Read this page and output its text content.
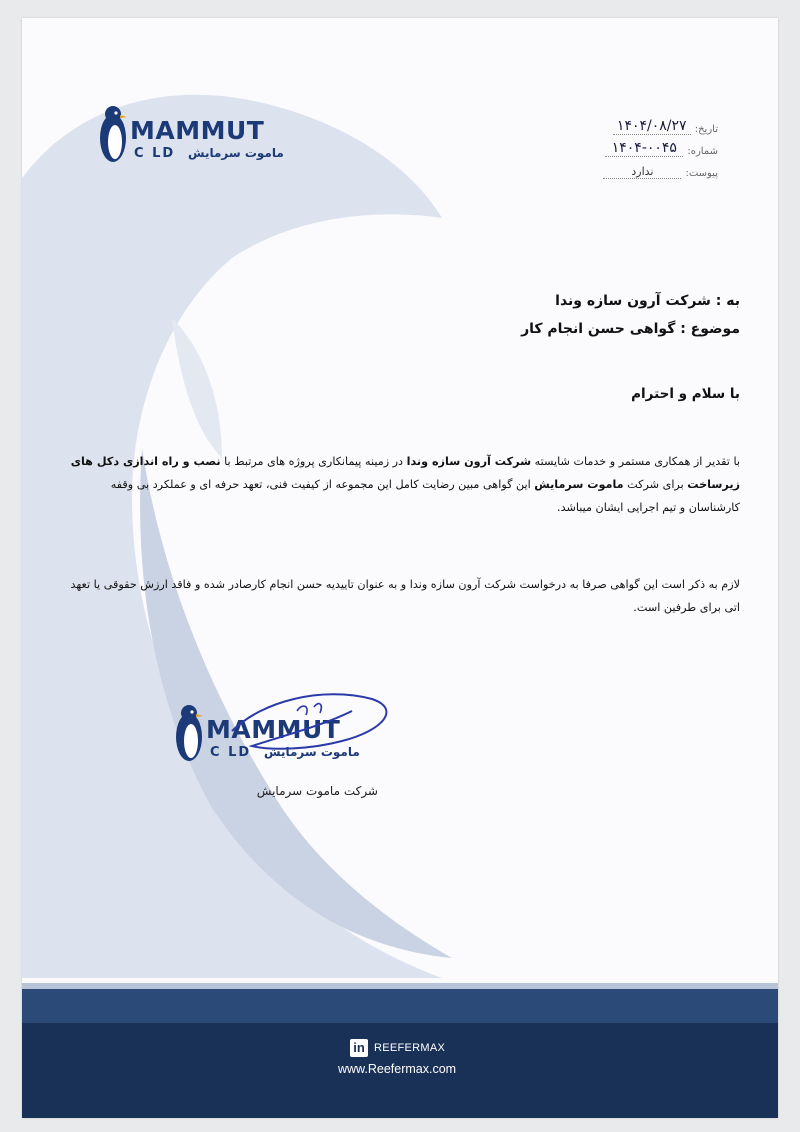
MAMMUT
C LD ماموت سرمایش
تاریخ:
۱۴۰۴/۰۸/۲۷
شماره:
۱۴۰۴-۰۰۴۵
پیوست:
ندارد
به : شرکت آرون سازه وندا
موضوع : گواهی حسن انجام کار
با سلام و احترام
با تقدیر از همکاری مستمر و خدمات شایسته شرکت آرون سازه وندا در زمینه پیمانکاری پروژه های مرتبط با نصب و راه اندازی دکل های زیرساخت برای شرکت ماموت سرمایش این گواهی مبین رضایت کامل این مجموعه از کیفیت فنی، تعهد حرفه ای و عملکرد بی وقفه کارشناسان و تیم اجرایی ایشان میباشد.
لازم به ذکر است این گواهی صرفا به درخواست شرکت آرون سازه وندا و به عنوان تاییدیه حسن انجام کارصادر شده و فاقد ارزش حقوقی یا تعهد اتی برای طرفین است.
MAMMUT
C LD ماموت سرمایش
شرکت ماموت سرمایش
in REEFERMAX
www.Reefermax.com
